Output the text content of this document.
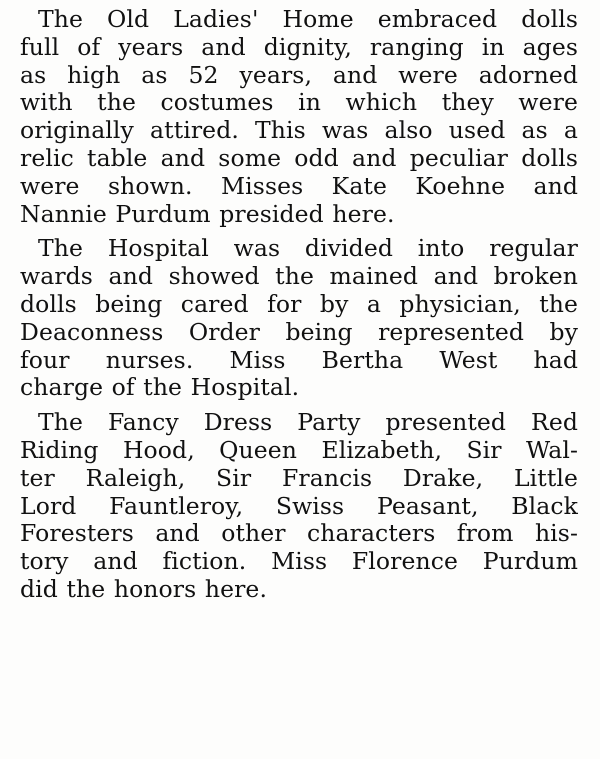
The Old Ladies' Home embraced dolls
full of years and dignity, ranging in ages
as high as 52 years, and were adorned
with the costumes in which they were
originally attired. This was also used as a
relic table and some odd and peculiar dolls
were shown. Misses Kate Koehne and
Nannie Purdum presided here.
The Hospital was divided into regular
wards and showed the mained and broken
dolls being cared for by a physician, the
Deaconness Order being represented by
four nurses. Miss Bertha West had
charge of the Hospital.
The Fancy Dress Party presented Red
Riding Hood, Queen Elizabeth, Sir Wal-
ter Raleigh, Sir Francis Drake, Little
Lord Fauntleroy, Swiss Peasant, Black
Foresters and other characters from his-
tory and fiction. Miss Florence Purdum
did the honors here.
